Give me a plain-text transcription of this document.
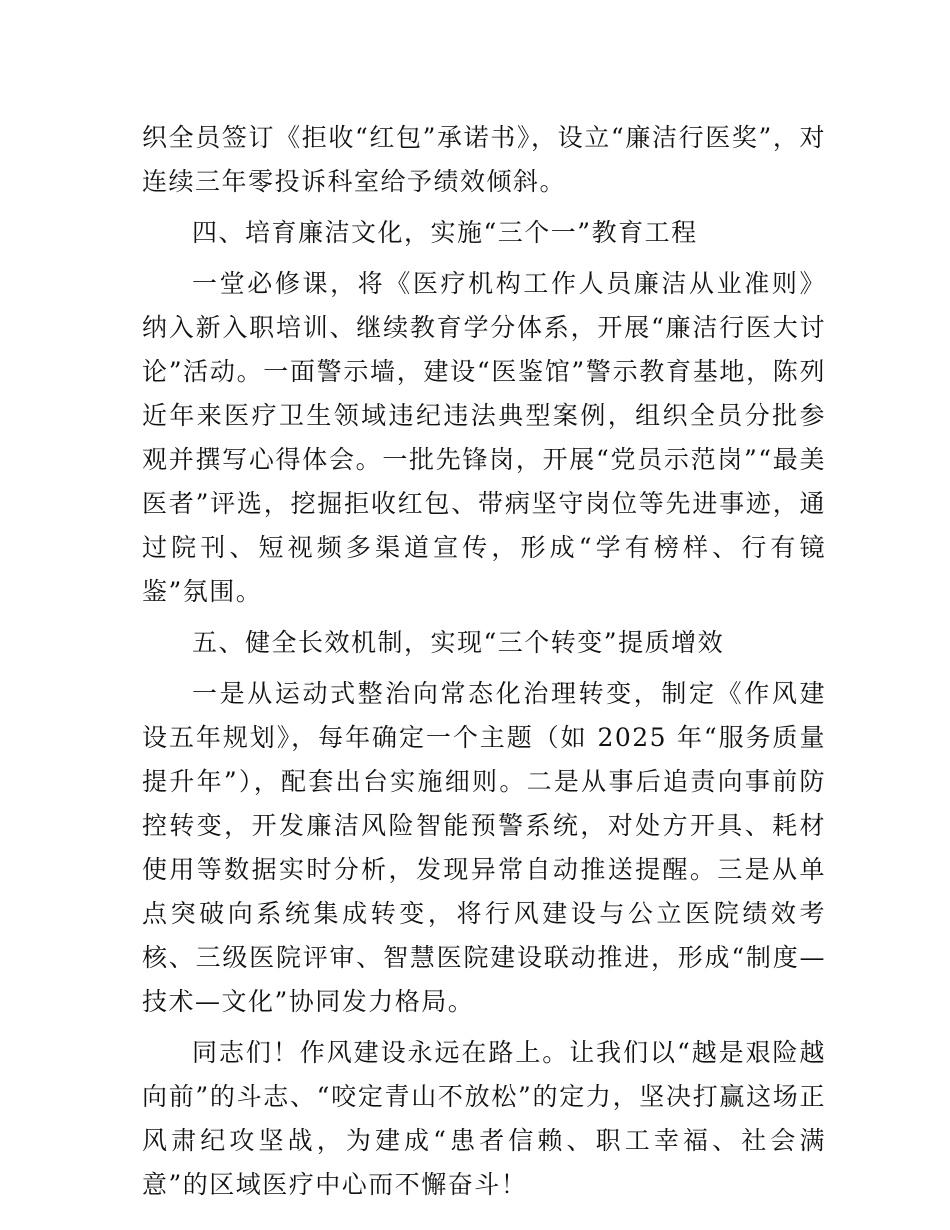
织全员签订《拒收“红包”承诺书》，设立“廉洁行医奖”，对连续三年零投诉科室给予绩效倾斜。

四、培育廉洁文化，实施“三个一”教育工程

一堂必修课，将《医疗机构工作人员廉洁从业准则》纳入新入职培训、继续教育学分体系，开展“廉洁行医大讨论”活动。一面警示墙，建设“医鉴馆”警示教育基地，陈列近年来医疗卫生领域违纪违法典型案例，组织全员分批参观并撰写心得体会。一批先锋岗，开展“党员示范岗”“最美医者”评选，挖掘拒收红包、带病坚守岗位等先进事迹，通过院刊、短视频多渠道宣传，形成“学有榜样、行有镜鉴”氛围。

五、健全长效机制，实现“三个转变”提质增效

一是从运动式整治向常态化治理转变，制定《作风建设五年规划》，每年确定一个主题（如 2025 年“服务质量提升年”），配套出台实施细则。二是从事后追责向事前防控转变，开发廉洁风险智能预警系统，对处方开具、耗材使用等数据实时分析，发现异常自动推送提醒。三是从单点突破向系统集成转变，将行风建设与公立医院绩效考核、三级医院评审、智慧医院建设联动推进，形成“制度—技术—文化”协同发力格局。

同志们！作风建设永远在路上。让我们以“越是艰险越向前”的斗志、“咬定青山不放松”的定力，坚决打赢这场正风肃纪攻坚战，为建成“患者信赖、职工幸福、社会满意”的区域医疗中心而不懈奋斗！
